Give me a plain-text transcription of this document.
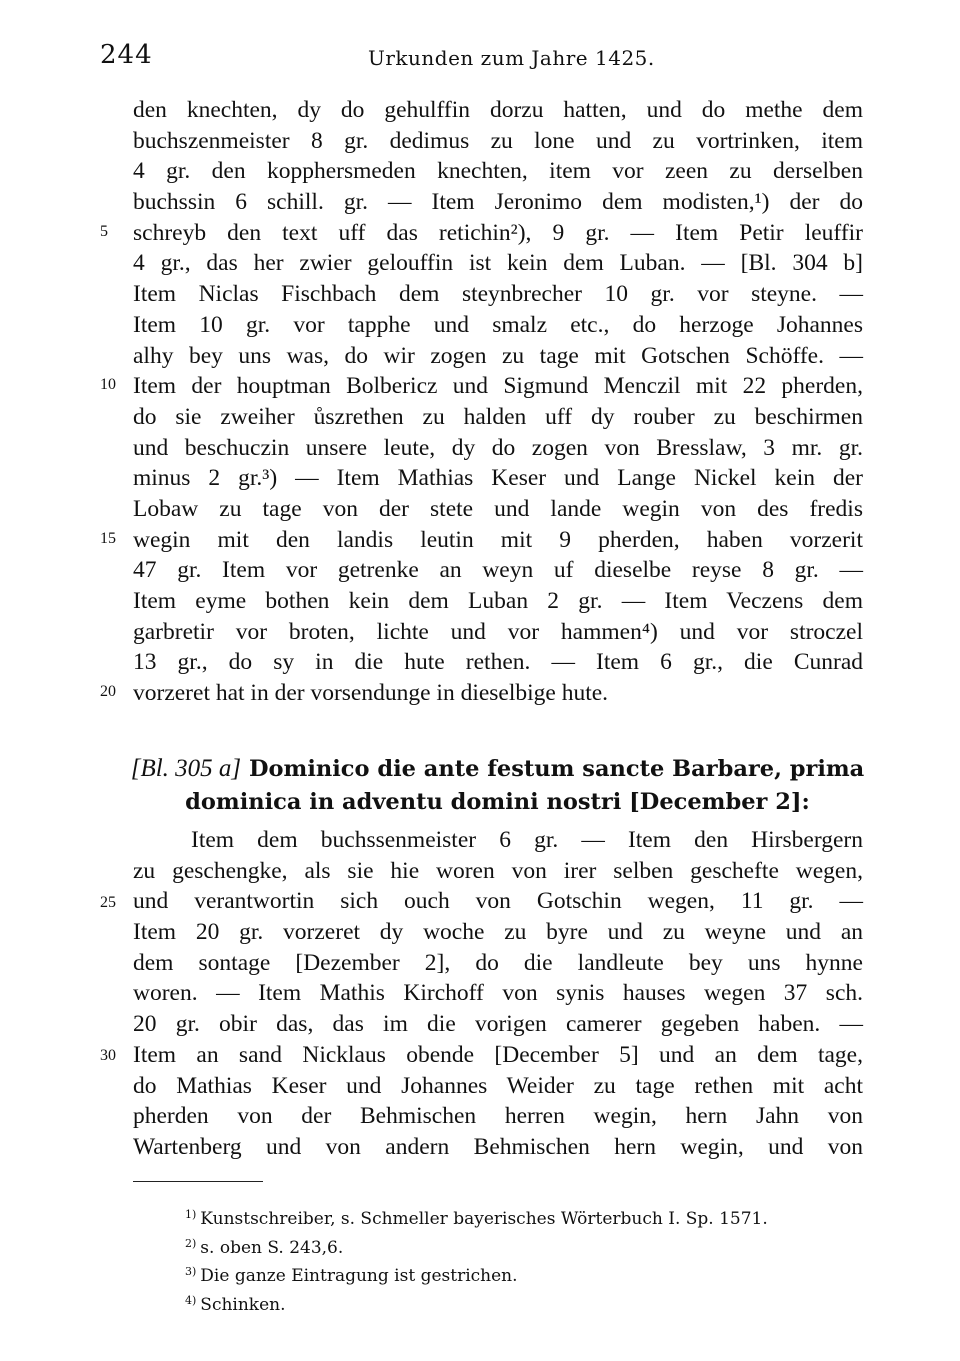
244	Urkunden zum Jahre 1425.
den knechten, dy do gehulffin dorzu hatten, und do methe dem
buchszenmeister 8 gr. dedimus zu lone und zu vortrinken, item
4 gr. den kopphersmeden knechten, item vor zeen zu derselben
buchssin 6 schill. gr. — Item Jeronimo dem modisten,¹) der do
schreyb den text uff das retichin²), 9 gr. — Item Petir leuffir
4 gr., das her zwier gelouffin ist kein dem Luban. — [Bl. 304 b]
Item Niclas Fischbach dem steynbrecher 10 gr. vor steyne. —
Item 10 gr. vor tapphe und smalz etc., do herzoge Johannes
alhy bey uns was, do wir zogen zu tage mit Gotschen Schöffe. —
Item der houptman Bolbericz und Sigmund Menczil mit 22 pherden,
do sie zweiher ůszrethen zu halden uff dy rouber zu beschirmen
und beschuczin unsere leute, dy do zogen von Bresslaw, 3 mr. gr.
minus 2 gr.³) — Item Mathias Keser und Lange Nickel kein der
Lobaw zu tage von der stete und lande wegin von des fredis
wegin mit den landis leutin mit 9 pherden, haben vorzerit
47 gr. Item vor getrenke an weyn uf dieselbe reyse 8 gr. —
Item eyme bothen kein dem Luban 2 gr. — Item Veczens dem
garbretir vor broten, lichte und vor hammen⁴) und vor stroczel
13 gr., do sy in die hute rethen. — Item 6 gr., die Cunrad
vorzeret hat in der vorsendunge in dieselbige hute.
5
10
15
20
[Bl. 305 a] Dominico die ante festum sancte Barbare, prima
dominica in adventu domini nostri [December 2]:
Item dem buchssenmeister 6 gr. — Item den Hirsbergern
zu geschengke, als sie hie woren von irer selben geschefte wegen,
und verantwortin sich ouch von Gotschin wegen, 11 gr. —
Item 20 gr. vorzeret dy woche zu byre und zu weyne und an
dem sontage [Dezember 2], do die landleute bey uns hynne
woren. — Item Mathis Kirchoff von synis hauses wegen 37 sch.
20 gr. obir das, das im die vorigen camerer gegeben haben. —
Item an sand Nicklaus obende [December 5] und an dem tage,
do Mathias Keser und Johannes Weider zu tage rethen mit acht
pherden von der Behmischen herren wegin, hern Jahn von
Wartenberg und von andern Behmischen hern wegin, und von
25
30
$^{1)}$ Kunstschreiber, s. Schmeller bayerisches Wörterbuch I. Sp. 1571.
$^{2)}$ s. oben S. 243,6.
$^{3)}$ Die ganze Eintragung ist gestrichen.
$^{4)}$ Schinken.
